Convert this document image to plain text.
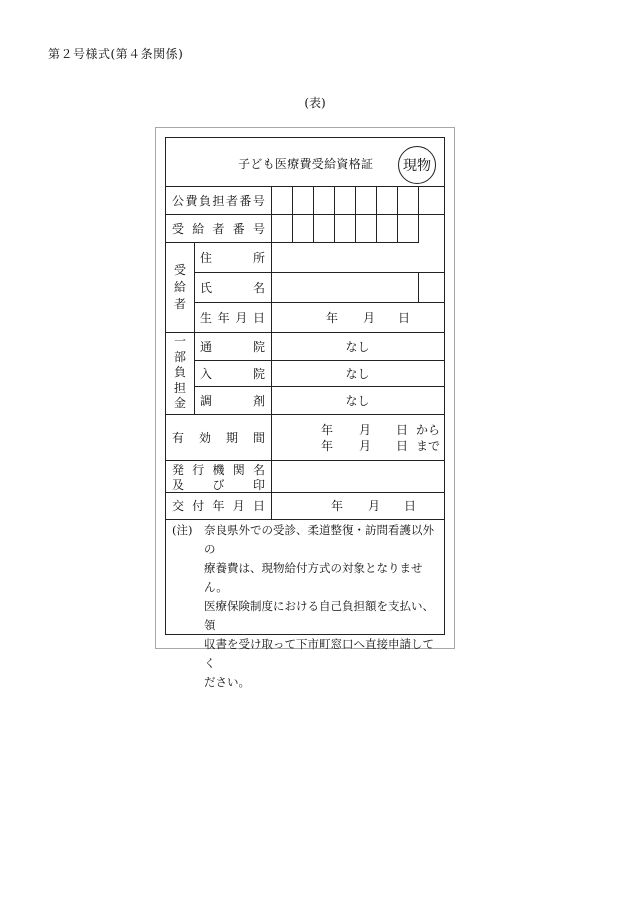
第２号様式(第４条関係)
(表)
子ども医療費受給資格証 現物
公 費 負 担 者 番 号
受 給 者 番 号
受
給
者
住	所
氏	名
生 年 月 日	年 月 日
一
部
負
担
金
通	院	なし
入	院	なし
調	剤	なし
有 効 期 間
年 月 日 から
年 月 日 まで
発 行 機 関 名
及 び 印
交 付 年 月 日	年 月 日
(注) 奈良県外での受診、柔道整復・訪問看護以外の
療養費は、現物給付方式の対象となりません。
医療保険制度における自己負担額を支払い、領
収書を受け取って下市町窓口へ直接申請してく
ださい。
